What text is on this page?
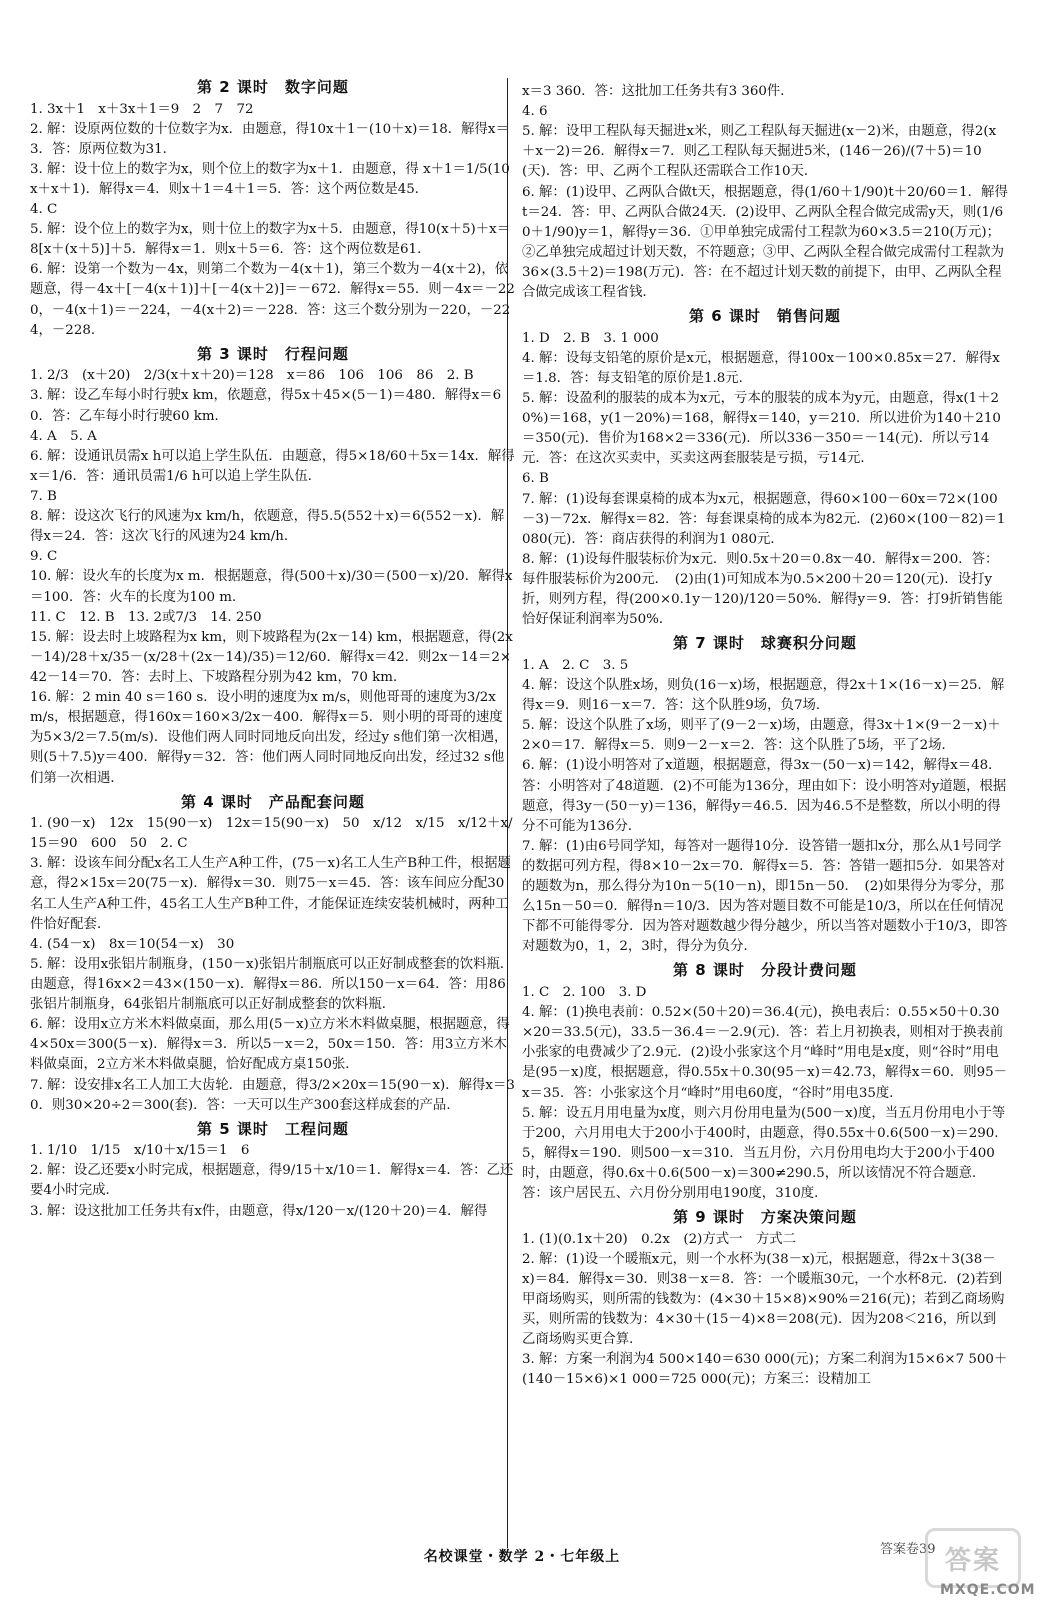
第 2 课时　数字问题

1. 3x＋1　x＋3x＋1＝9　2　7　72

2. 解：设原两位数的十位数字为x．由题意，得10x＋1－(10＋x)＝18．解得x＝3．答：原两位数为31．

3. 解：设十位上的数字为x，则个位上的数字为x＋1．由题意，得 x＋1＝1/5(10x＋x＋1)．解得x＝4．则x＋1＝4＋1＝5．答：这个两位数是45．

4. C

5. 解：设个位上的数字为x，则十位上的数字为x＋5．由题意，得10(x＋5)＋x＝8[x＋(x＋5)]＋5．解得x＝1．则x＋5＝6．答：这个两位数是61．

6. 解：设第一个数为－4x，则第二个数为－4(x＋1)，第三个数为－4(x＋2)，依题意，得－4x＋[－4(x＋1)]＋[－4(x＋2)]＝－672．解得x＝55．则－4x＝－220，－4(x＋1)＝－224，－4(x＋2)＝－228．答：这三个数分别为－220，－224，－228．

第 3 课时　行程问题

1. 2/3　(x＋20)　2/3(x＋x＋20)＝128　x＝86　106　106　86　2. B

3. 解：设乙车每小时行驶x km，依题意，得5x＋45×(5－1)＝480．解得x＝60．答：乙车每小时行驶60 km．

4. A　5. A

6. 解：设通讯员需x h可以追上学生队伍．由题意，得5×18/60＋5x＝14x．解得x＝1/6．答：通讯员需1/6 h可以追上学生队伍．

7. B

8. 解：设这次飞行的风速为x km/h，依题意，得5.5(552＋x)＝6(552－x)．解得x＝24．答：这次飞行的风速为24 km/h．

9. C

10. 解：设火车的长度为x m．根据题意，得(500＋x)/30＝(500－x)/20．解得x＝100．答：火车的长度为100 m．

11. C　12. B　13. 2或7/3　14. 250

15. 解：设去时上坡路程为x km，则下坡路程为(2x－14) km，根据题意，得(2x－14)/28＋x/35－(x/28＋(2x－14)/35)＝12/60．解得x＝42．则2x－14＝2×42－14＝70．答：去时上、下坡路程分别为42 km，70 km．

16. 解：2 min 40 s＝160 s．设小明的速度为x m/s，则他哥哥的速度为3/2x m/s，根据题意，得160x＝160×3/2x－400．解得x＝5．则小明的哥哥的速度为5×3/2＝7.5(m/s)．设他们两人同时同地反向出发，经过y s他们第一次相遇，则(5＋7.5)y＝400．解得y＝32．答：他们两人同时同地反向出发，经过32 s他们第一次相遇．

第 4 课时　产品配套问题

1. (90－x)　12x　15(90－x)　12x＝15(90－x)　50　x/12　x/15　x/12＋x/15＝90　600　50　2. C

3. 解：设该车间分配x名工人生产A种工件，(75－x)名工人生产B种工件，根据题意，得2×15x＝20(75－x)．解得x＝30．则75－x＝45．答：该车间应分配30名工人生产A种工件，45名工人生产B种工件，才能保证连续安装机械时，两种工件恰好配套．

4. (54－x)　8x＝10(54－x)　30

5. 解：设用x张铝片制瓶身，(150－x)张铝片制瓶底可以正好制成整套的饮料瓶．由题意，得16x×2＝43×(150－x)．解得x＝86．所以150－x＝64．答：用86张铝片制瓶身，64张铝片制瓶底可以正好制成整套的饮料瓶．

6. 解：设用x立方米木料做桌面，那么用(5－x)立方米木料做桌腿，根据题意，得4×50x＝300(5－x)．解得x＝3．所以5－x＝2，50x＝150．答：用3立方米木料做桌面，2立方米木料做桌腿，恰好配成方桌150张．

7. 解：设安排x名工人加工大齿轮．由题意，得3/2×20x＝15(90－x)．解得x＝30．则30×20÷2＝300(套)．答：一天可以生产300套这样成套的产品．

第 5 课时　工程问题

1. 1/10　1/15　x/10＋x/15＝1　6

2. 解：设乙还要x小时完成，根据题意，得9/15＋x/10＝1．解得x＝4．答：乙还要4小时完成．

3. 解：设这批加工任务共有x件，由题意，得x/120－x/(120＋20)＝4．解得

x＝3 360．答：这批加工任务共有3 360件．

4. 6

5. 解：设甲工程队每天掘进x米，则乙工程队每天掘进(x－2)米，由题意，得2(x＋x－2)＝26．解得x＝7．则乙工程队每天掘进5米，(146－26)/(7＋5)＝10(天)．答：甲、乙两个工程队还需联合工作10天．

6. 解：(1)设甲、乙两队合做t天，根据题意，得(1/60＋1/90)t＋20/60＝1．解得t＝24．答：甲、乙两队合做24天．(2)设甲、乙两队全程合做完成需y天，则(1/60＋1/90)y＝1，解得y＝36．①甲单独完成需付工程款为60×3.5＝210(万元)；②乙单独完成超过计划天数，不符题意；③甲、乙两队全程合做完成需付工程款为36×(3.5＋2)＝198(万元)．答：在不超过计划天数的前提下，由甲、乙两队全程合做完成该工程省钱．

第 6 课时　销售问题

1. D　2. B　3. 1 000

4. 解：设每支铅笔的原价是x元，根据题意，得100x－100×0.85x＝27．解得x＝1.8．答：每支铅笔的原价是1.8元．

5. 解：设盈利的服装的成本为x元，亏本的服装的成本为y元，由题意，得x(1＋20%)＝168，y(1－20%)＝168，解得x＝140，y＝210．所以进价为140＋210＝350(元)．售价为168×2＝336(元)．所以336－350＝－14(元)．所以亏14元．答：在这次买卖中，买卖这两套服装是亏损，亏14元．

6. B

7. 解：(1)设每套课桌椅的成本为x元，根据题意，得60×100－60x＝72×(100－3)－72x．解得x＝82．答：每套课桌椅的成本为82元．(2)60×(100－82)＝1 080(元)．答：商店获得的利润为1 080元．

8. 解：(1)设每件服装标价为x元．则0.5x＋20＝0.8x－40．解得x＝200．答：每件服装标价为200元．　(2)由(1)可知成本为0.5×200＋20＝120(元)．设打y折，则列方程，得(200×0.1y－120)/120＝50%．解得y＝9．答：打9折销售能恰好保证利润率为50%．

第 7 课时　球赛积分问题

1. A　2. C　3. 5

4. 解：设这个队胜x场，则负(16－x)场，根据题意，得2x＋1×(16－x)＝25．解得x＝9．则16－x＝7．答：这个队胜9场，负7场．

5. 解：设这个队胜了x场，则平了(9－2－x)场，由题意，得3x＋1×(9－2－x)＋2×0＝17．解得x＝5．则9－2－x＝2．答：这个队胜了5场，平了2场．

6. 解：(1)设小明答对了x道题，根据题意，得3x－(50－x)＝142，解得x＝48．答：小明答对了48道题．(2)不可能为136分，理由如下：设小明答对y道题，根据题意，得3y－(50－y)＝136，解得y＝46.5．因为46.5不是整数，所以小明的得分不可能为136分．

7. 解：(1)由6号同学知，每答对一题得10分．设答错一题扣x分，那么从1号同学的数据可列方程，得8×10－2x＝70．解得x＝5．答：答错一题扣5分．如果答对的题数为n，那么得分为10n－5(10－n)，即15n－50．　(2)如果得分为零分，那么15n－50＝0．解得n＝10/3．因为答对题目数不可能是10/3，所以在任何情况下都不可能得零分．因为答对题数越少得分越少，所以当答对题数小于10/3，即答对题数为0，1，2，3时，得分为负分．

第 8 课时　分段计费问题

1. C　2. 100　3. D

4. 解：(1)换电表前：0.52×(50＋20)＝36.4(元)，换电表后：0.55×50＋0.30×20＝33.5(元)，33.5－36.4＝－2.9(元)．答：若上月初换表，则相对于换表前小张家的电费减少了2.9元．(2)设小张家这个月“峰时”用电是x度，则“谷时”用电是(95－x)度，根据题意，得0.55x＋0.30(95－x)＝42.73，解得x＝60．则95－x＝35．答：小张家这个月“峰时”用电60度，“谷时”用电35度．

5. 解：设五月用电量为x度，则六月份用电量为(500－x)度，当五月份用电小于等于200，六月用电大于200小于400时，由题意，得0.55x＋0.6(500－x)＝290.5，解得x＝190．则500－x＝310．当五月份，六月份用电均大于200小于400时，由题意，得0.6x＋0.6(500－x)＝300≠290.5，所以该情况不符合题意．答：该户居民五、六月份分别用电190度，310度．

第 9 课时　方案决策问题

1. (1)(0.1x＋20)　0.2x　(2)方式一　方式二

2. 解：(1)设一个暖瓶x元，则一个水杯为(38－x)元，根据题意，得2x＋3(38－x)＝84．解得x＝30．则38－x＝8．答：一个暖瓶30元，一个水杯8元．(2)若到甲商场购买，则所需的钱数为：(4×30＋15×8)×90%＝216(元)；若到乙商场购买，则所需的钱数为：4×30＋(15－4)×8＝208(元)．因为208＜216，所以到乙商场购买更合算．

3. 解：方案一利润为4 500×140＝630 000(元)；方案二利润为15×6×7 500＋(140－15×6)×1 000＝725 000(元)；方案三：设精加工

名校课堂・数学 2・七年级上	答案卷39 答案
MXQE.COM
